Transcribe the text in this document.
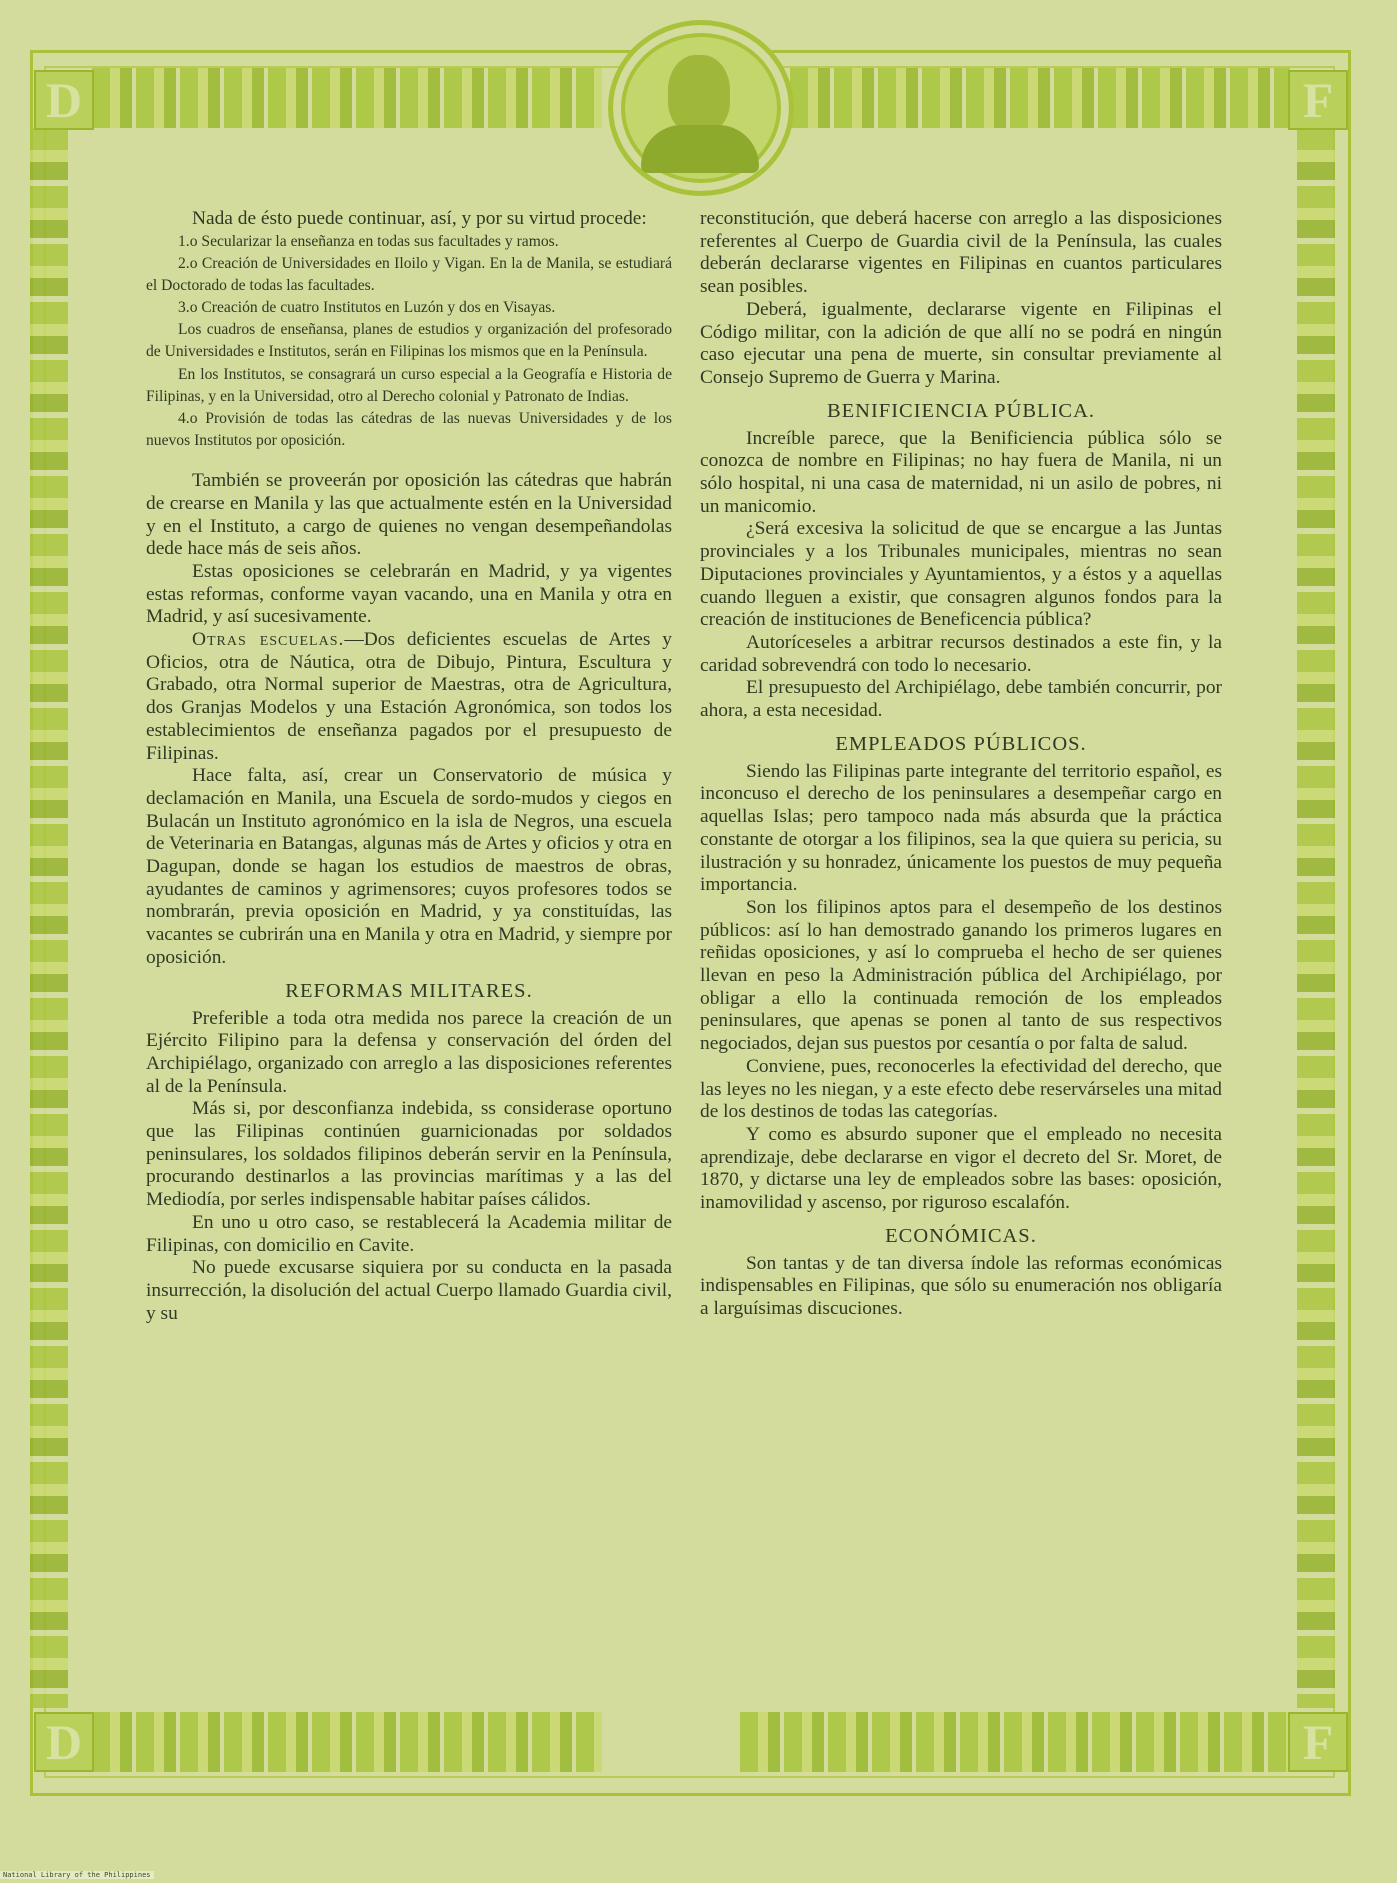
D	F
D	F

Nada de ésto puede continuar, así, y por su virtud procede:

1.o Secularizar la enseñanza en todas sus facultades y ramos.

2.o Creación de Universidades en Iloilo y Vigan. En la de Manila, se estudiará el Doctorado de todas las facultades.

3.o Creación de cuatro Institutos en Luzón y dos en Visayas.

Los cuadros de enseñansa, planes de estudios y organización del profesorado de Universidades e Institutos, serán en Filipinas los mismos que en la Península.

En los Institutos, se consagrará un curso especial a la Geografía e Historia de Filipinas, y en la Universidad, otro al Derecho colonial y Patronato de Indias.

4.o Provisión de todas las cátedras de las nuevas Universidades y de los nuevos Institutos por oposición.

También se proveerán por oposición las cátedras que habrán de crearse en Manila y las que actualmente estén en la Universidad y en el Instituto, a cargo de quienes no vengan desempeñandolas dede hace más de seis años.

Estas oposiciones se celebrarán en Madrid, y ya vigentes estas reformas, conforme vayan vacando, una en Manila y otra en Madrid, y así sucesivamente.

Otras escuelas.—Dos deficientes escuelas de Artes y Oficios, otra de Náutica, otra de Dibujo, Pintura, Escultura y Grabado, otra Normal superior de Maestras, otra de Agricultura, dos Granjas Modelos y una Estación Agronómica, son todos los establecimientos de enseñanza pagados por el presupuesto de Filipinas.

Hace falta, así, crear un Conservatorio de música y declamación en Manila, una Escuela de sordo-mudos y ciegos en Bulacán un Instituto agronómico en la isla de Negros, una escuela de Veterinaria en Batangas, algunas más de Artes y oficios y otra en Dagupan, donde se hagan los estudios de maestros de obras, ayudantes de caminos y agrimensores; cuyos profesores todos se nombrarán, previa oposición en Madrid, y ya constituídas, las vacantes se cubrirán una en Manila y otra en Madrid, y siempre por oposición.

REFORMAS MILITARES.

Preferible a toda otra medida nos parece la creación de un Ejército Filipino para la defensa y conservación del órden del Archipiélago, organizado con arreglo a las disposiciones referentes al de la Península.

Más si, por desconfianza indebida, ss considerase oportuno que las Filipinas continúen guarnicionadas por soldados peninsulares, los soldados filipinos deberán servir en la Península, procurando destinarlos a las provincias marítimas y a las del Mediodía, por serles indispensable habitar países cálidos.

En uno u otro caso, se restablecerá la Academia militar de Filipinas, con domicilio en Cavite.

No puede excusarse siquiera por su conducta en la pasada insurrección, la disolución del actual Cuerpo llamado Guardia civil, y su

reconstitución, que deberá hacerse con arreglo a las disposiciones referentes al Cuerpo de Guardia civil de la Península, las cuales deberán declararse vigentes en Filipinas en cuantos particulares sean posibles.

Deberá, igualmente, declararse vigente en Filipinas el Código militar, con la adición de que allí no se podrá en ningún caso ejecutar una pena de muerte, sin consultar previamente al Consejo Supremo de Guerra y Marina.

BENIFICIENCIA PÚBLICA.

Increíble parece, que la Benificiencia pública sólo se conozca de nombre en Filipinas; no hay fuera de Manila, ni un sólo hospital, ni una casa de maternidad, ni un asilo de pobres, ni un manicomio.

¿Será excesiva la solicitud de que se encargue a las Juntas provinciales y a los Tribunales municipales, mientras no sean Diputaciones provinciales y Ayuntamientos, y a éstos y a aquellas cuando lleguen a existir, que consagren algunos fondos para la creación de instituciones de Beneficencia pública?

Autoríceseles a arbitrar recursos destinados a este fin, y la caridad sobrevendrá con todo lo necesario.

El presupuesto del Archipiélago, debe también concurrir, por ahora, a esta necesidad.

EMPLEADOS PÚBLICOS.

Siendo las Filipinas parte integrante del territorio español, es inconcuso el derecho de los peninsulares a desempeñar cargo en aquellas Islas; pero tampoco nada más absurda que la práctica constante de otorgar a los filipinos, sea la que quiera su pericia, su ilustración y su honradez, únicamente los puestos de muy pequeña importancia.

Son los filipinos aptos para el desempeño de los destinos públicos: así lo han demostrado ganando los primeros lugares en reñidas oposiciones, y así lo comprueba el hecho de ser quienes llevan en peso la Administración pública del Archipiélago, por obligar a ello la continuada remoción de los empleados peninsulares, que apenas se ponen al tanto de sus respectivos negociados, dejan sus puestos por cesantía o por falta de salud.

Conviene, pues, reconocerles la efectividad del derecho, que las leyes no les niegan, y a este efecto debe reservárseles una mitad de los destinos de todas las categorías.

Y como es absurdo suponer que el empleado no necesita aprendizaje, debe declararse en vigor el decreto del Sr. Moret, de 1870, y dictarse una ley de empleados sobre las bases: oposición, inamovilidad y ascenso, por riguroso escalafón.

ECONÓMICAS.

Son tantas y de tan diversa índole las reformas económicas indispensables en Filipinas, que sólo su enumeración nos obligaría a larguísimas discuciones.

National Library of the Philippines
